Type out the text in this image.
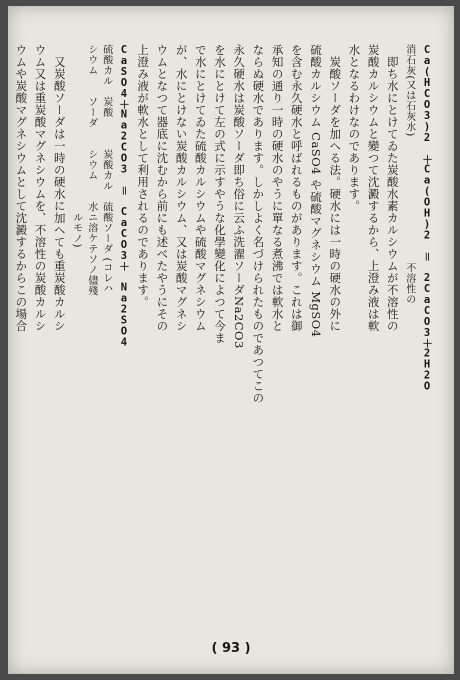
Ca(HCO3)2 ＋Ca(OH)2 ＝ 2CaCO3＋2H2O
消石灰(又は石灰水)　　　　　　　　　　　　不溶性の
即ち水にとけてゐた炭酸水素カルシウムが不溶性の
炭酸カルシウムと變つて沈澱するから、上澄み液は軟
水となるわけなのであります。
炭酸ソーダを加へる法。硬水には一時の硬水の外に
硫酸カルシウム CaSO4 や硫酸マグネシウム MgSO4
を含む永久硬水と呼ばれるものがあります。これは御
承知の通り一時の硬水のやうに單なる煮沸では軟水と
ならぬ硬水であります。しかしよく名づけられたものであつてこの
永久硬水は炭酸ソーダ即ち俗に云ふ洗濯ソーダNa2CO3
を水にとけて左の式に示すやうな化學變化によつて今ま
で水にとけてゐた硫酸カルシウムや硫酸マグネシウム
が、水にとけない炭酸カルシウム、又は炭酸マグネシ
ウムとなつて器底に沈むから前にも述べたやうにその
上澄み液が軟水として利用されるのであります。
CaSO4＋Na2CO3 ＝ CaCO3＋ Na2SO4
硫酸カル　炭酸　　　炭酸カル　硫酸ソーダ (コレハ
シウム　　ソーダ　　シウム　　水ニ溶ケテソノ儘殘
　　　　　　　　　　　　　　　　ルモノ)
又炭酸ソーダは一時の硬水に加へても重炭酸カルシ
ウム又は重炭酸マグネシウムを、不溶性の炭酸カルシ
ウムや炭酸マグネシウムとして沈澱するからこの場合
( 93 )
